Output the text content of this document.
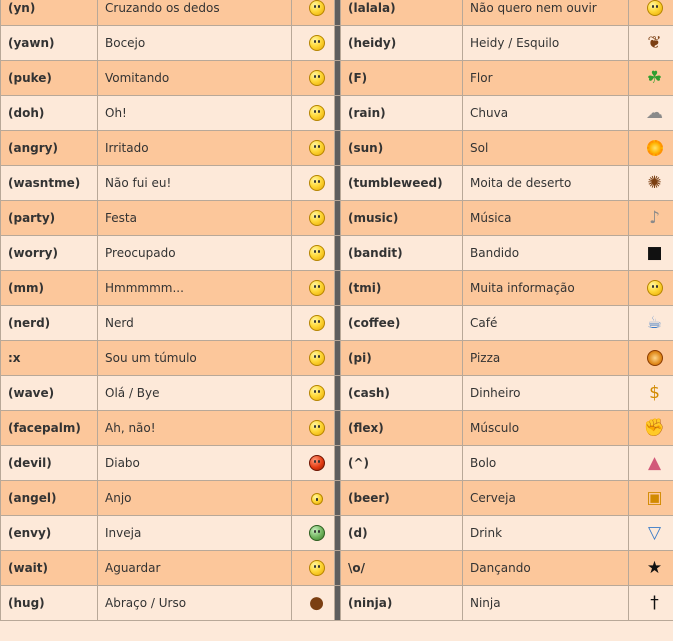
(yn)	Cruzando os dedos			(lalala)	Não quero nem ouvir	
(yawn)	Bocejo			(heidy)	Heidy / Esquilo	❦
(puke)	Vomitando			(F)	Flor	☘
(doh)	Oh!			(rain)	Chuva	☁
(angry)	Irritado			(sun)	Sol	
(wasntme)	Não fui eu!			(tumbleweed)	Moita de deserto	✺
(party)	Festa			(music)	Música	♪
(worry)	Preocupado			(bandit)	Bandido	■
(mm)	Hmmmmm...			(tmi)	Muita informação	
(nerd)	Nerd			(coffee)	Café	☕
:x	Sou um túmulo			(pi)	Pizza	
(wave)	Olá / Bye			(cash)	Dinheiro	$
(facepalm)	Ah, não!			(flex)	Músculo	✊
(devil)	Diabo			(^)	Bolo	▲
(angel)	Anjo			(beer)	Cerveja	▣
(envy)	Inveja			(d)	Drink	▽
(wait)	Aguardar			\o/	Dançando	★
(hug)	Abraço / Urso	●		(ninja)	Ninja	†
